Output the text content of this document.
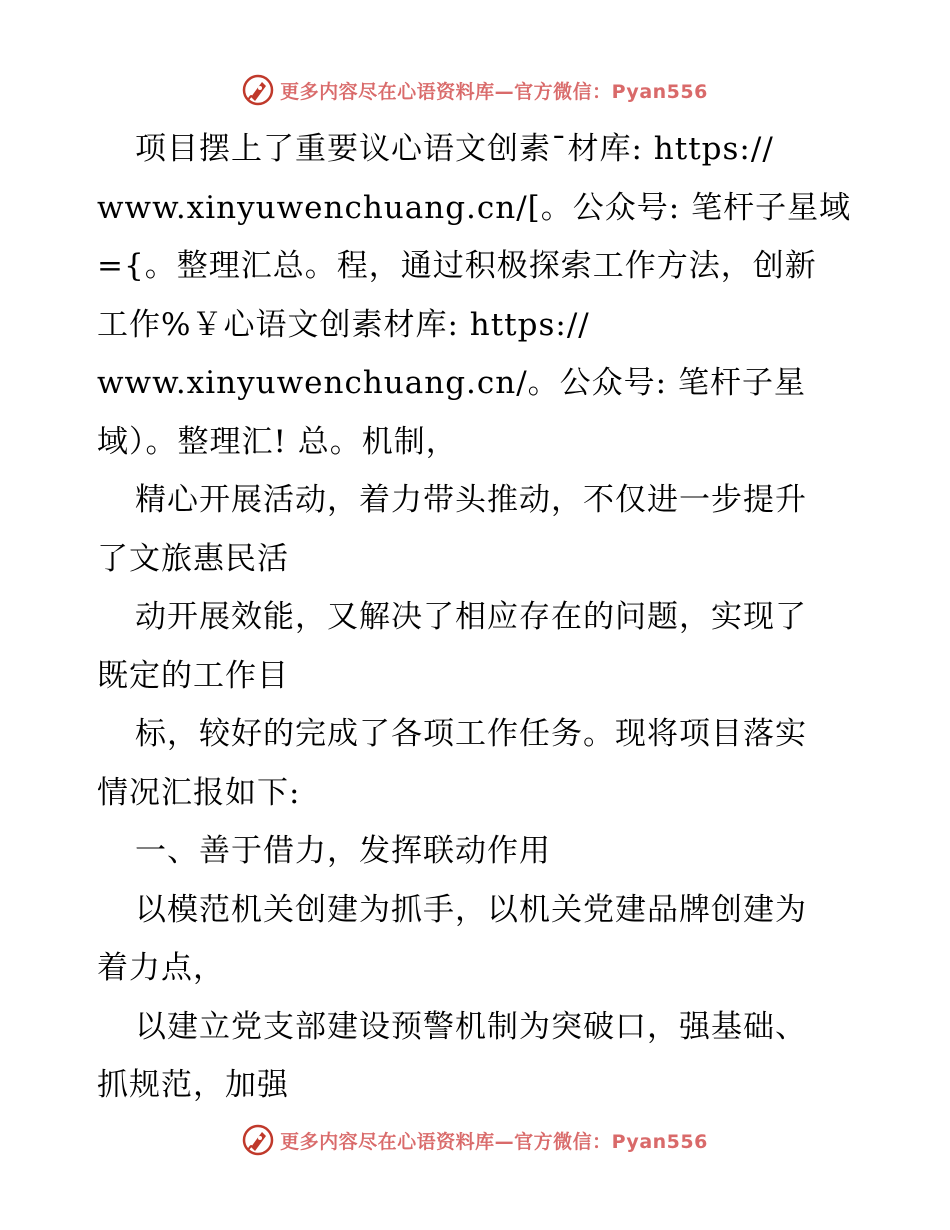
更多内容尽在心语资料库—官方微信：Pyan556
项目摆上了重要议心语文创素¯材库: https://
www.xinyuwenchuang.cn/[。公众号: 笔杆子星域
={。整理汇总。程，通过积极探索工作方法，创新
工作%￥心语文创素材库: https://
www.xinyuwenchuang.cn/。公众号: 笔杆子星
域）。整理汇! 总。机制，
精心开展活动，着力带头推动，不仅进一步提升
了文旅惠民活
动开展效能，又解决了相应存在的问题，实现了
既定的工作目
标，较好的完成了各项工作任务。现将项目落实
情况汇报如下:
一、善于借力，发挥联动作用
以模范机关创建为抓手，以机关党建品牌创建为
着力点，
以建立党支部建设预警机制为突破口，强基础、
抓规范，加强
更多内容尽在心语资料库—官方微信：Pyan556
